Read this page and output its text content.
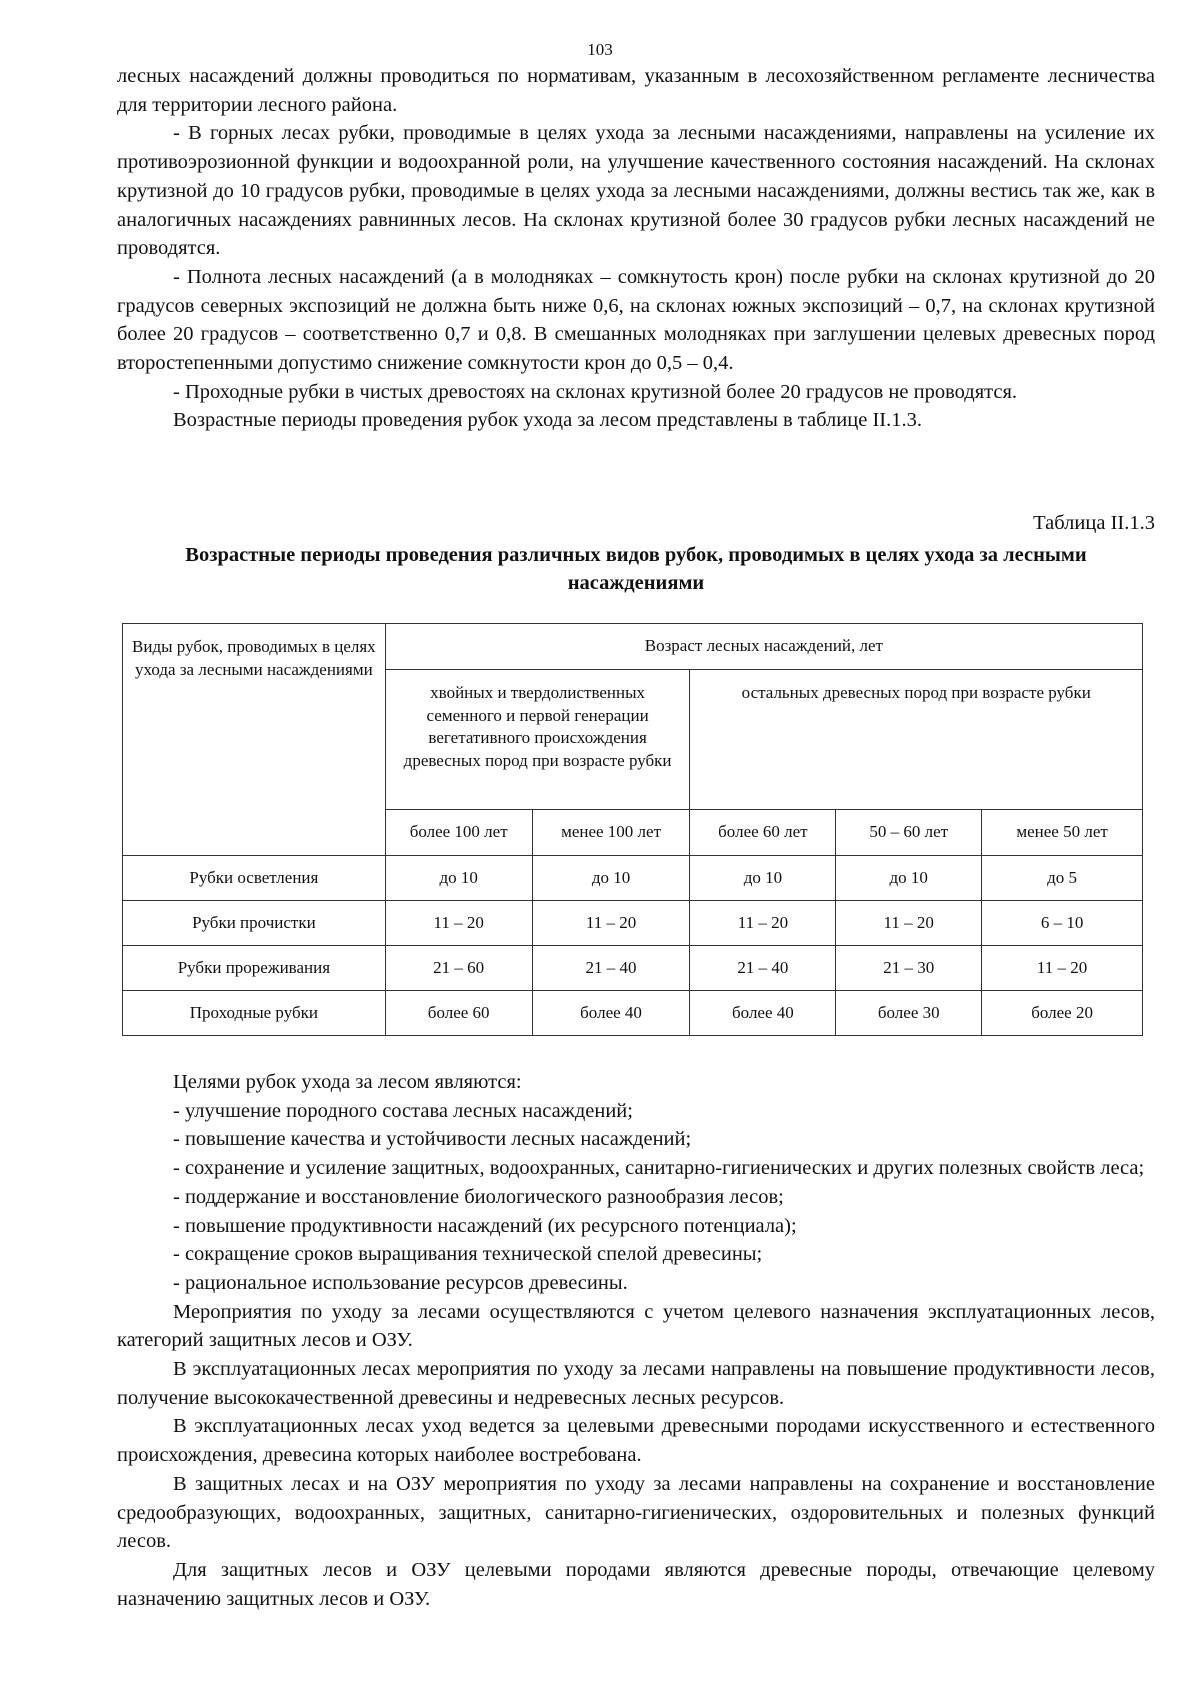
103

лесных насаждений должны проводиться по нормативам, указанным в лесохозяйственном регламенте лесничества для территории лесного района.

- В горных лесах рубки, проводимые в целях ухода за лесными насаждениями, направлены на усиление их противоэрозионной функции и водоохранной роли, на улучшение качественного состояния насаждений. На склонах крутизной до 10 градусов рубки, проводимые в целях ухода за лесными насаждениями, должны вестись так же, как в аналогичных насаждениях равнинных лесов. На склонах крутизной более 30 градусов рубки лесных насаждений не проводятся.

- Полнота лесных насаждений (а в молодняках – сомкнутость крон) после рубки на склонах крутизной до 20 градусов северных экспозиций не должна быть ниже 0,6, на склонах южных экспозиций – 0,7, на склонах крутизной более 20 градусов – соответственно 0,7 и 0,8. В смешанных молодняках при заглушении целевых древесных пород второстепенными допустимо снижение сомкнутости крон до 0,5 – 0,4.

- Проходные рубки в чистых древостоях на склонах крутизной более 20 градусов не проводятся.

Возрастные периоды проведения рубок ухода за лесом представлены в таблице II.1.3.

Таблица II.1.3
Возрастные периоды проведения различных видов рубок, проводимых в целях ухода за лесными насаждениями
Виды рубок, проводимых в целях ухода за лесными насаждениями	Возраст лесных насаждений, лет				
	хвойных и твердолиственных семенного и первой генерации вегетативного происхождения древесных пород при возрасте рубки		остальных древесных пород при возрасте рубки		
	более 100 лет	менее 100 лет	более 60 лет	50 – 60 лет	менее 50 лет
Рубки осветления	до 10	до 10	до 10	до 10	до 5
Рубки прочистки	11 – 20	11 – 20	11 – 20	11 – 20	6 – 10
Рубки прореживания	21 – 60	21 – 40	21 – 40	21 – 30	11 – 20
Проходные рубки	более 60	более 40	более 40	более 30	более 20

Целями рубок ухода за лесом являются:

- улучшение породного состава лесных насаждений;

- повышение качества и устойчивости лесных насаждений;

- сохранение и усиление защитных, водоохранных, санитарно-гигиенических и других полезных свойств леса;

- поддержание и восстановление биологического разнообразия лесов;

- повышение продуктивности насаждений (их ресурсного потенциала);

- сокращение сроков выращивания технической спелой древесины;

- рациональное использование ресурсов древесины.

Мероприятия по уходу за лесами осуществляются с учетом целевого назначения эксплуатационных лесов, категорий защитных лесов и ОЗУ.

В эксплуатационных лесах мероприятия по уходу за лесами направлены на повышение продуктивности лесов, получение высококачественной древесины и недревесных лесных ресурсов.

В эксплуатационных лесах уход ведется за целевыми древесными породами искусственного и естественного происхождения, древесина которых наиболее востребована.

В защитных лесах и на ОЗУ мероприятия по уходу за лесами направлены на сохранение и восстановление средообразующих, водоохранных, защитных, санитарно-гигиенических, оздоровительных и полезных функций лесов.

Для защитных лесов и ОЗУ целевыми породами являются древесные породы, отвечающие целевому назначению защитных лесов и ОЗУ.
